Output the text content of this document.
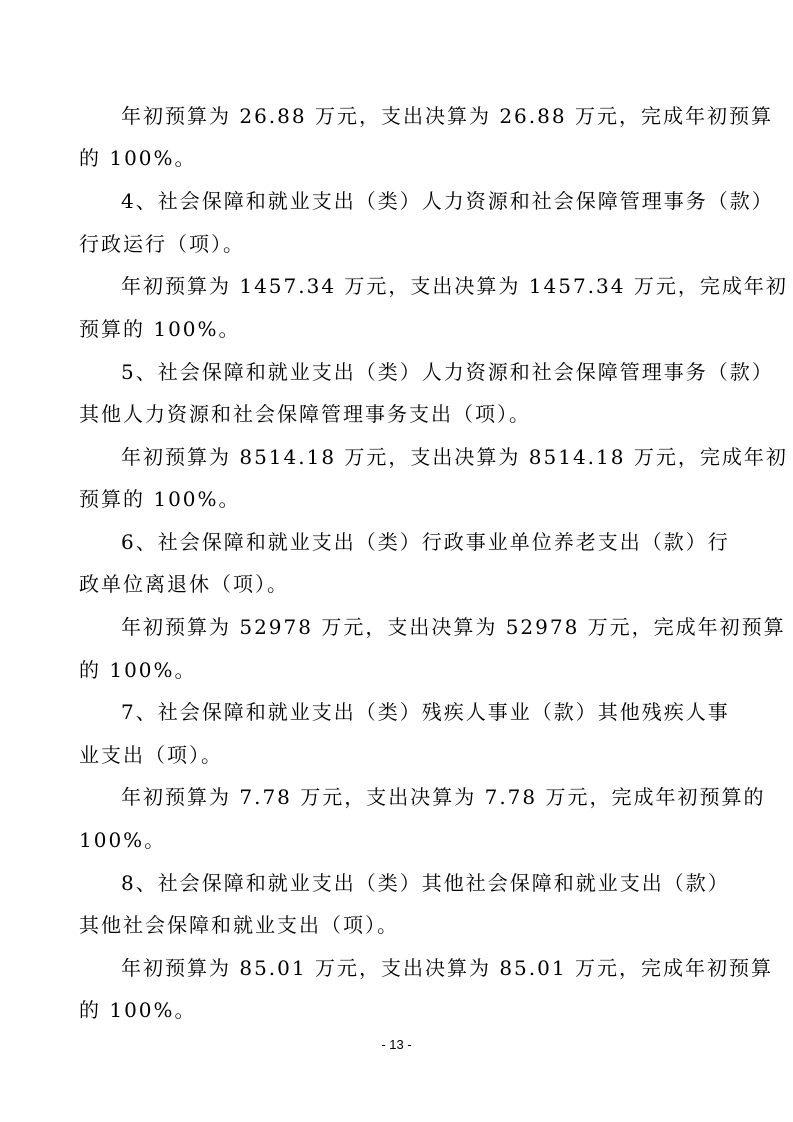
年初预算为 26.88 万元，支出决算为 26.88 万元，完成年初预算
的 100%。
4、社会保障和就业支出（类）人力资源和社会保障管理事务（款）
行政运行（项）。
年初预算为 1457.34 万元，支出决算为 1457.34 万元，完成年初
预算的 100%。
5、社会保障和就业支出（类）人力资源和社会保障管理事务（款）
其他人力资源和社会保障管理事务支出（项）。
年初预算为 8514.18 万元，支出决算为 8514.18 万元，完成年初
预算的 100%。
6、社会保障和就业支出（类）行政事业单位养老支出（款）行
政单位离退休（项）。
年初预算为 52978 万元，支出决算为 52978 万元，完成年初预算
的 100%。
7、社会保障和就业支出（类）残疾人事业（款）其他残疾人事
业支出（项）。
年初预算为 7.78 万元，支出决算为 7.78 万元，完成年初预算的
100%。
8、社会保障和就业支出（类）其他社会保障和就业支出（款）
其他社会保障和就业支出（项）。
年初预算为 85.01 万元，支出决算为 85.01 万元，完成年初预算
的 100%。
- 13 -
